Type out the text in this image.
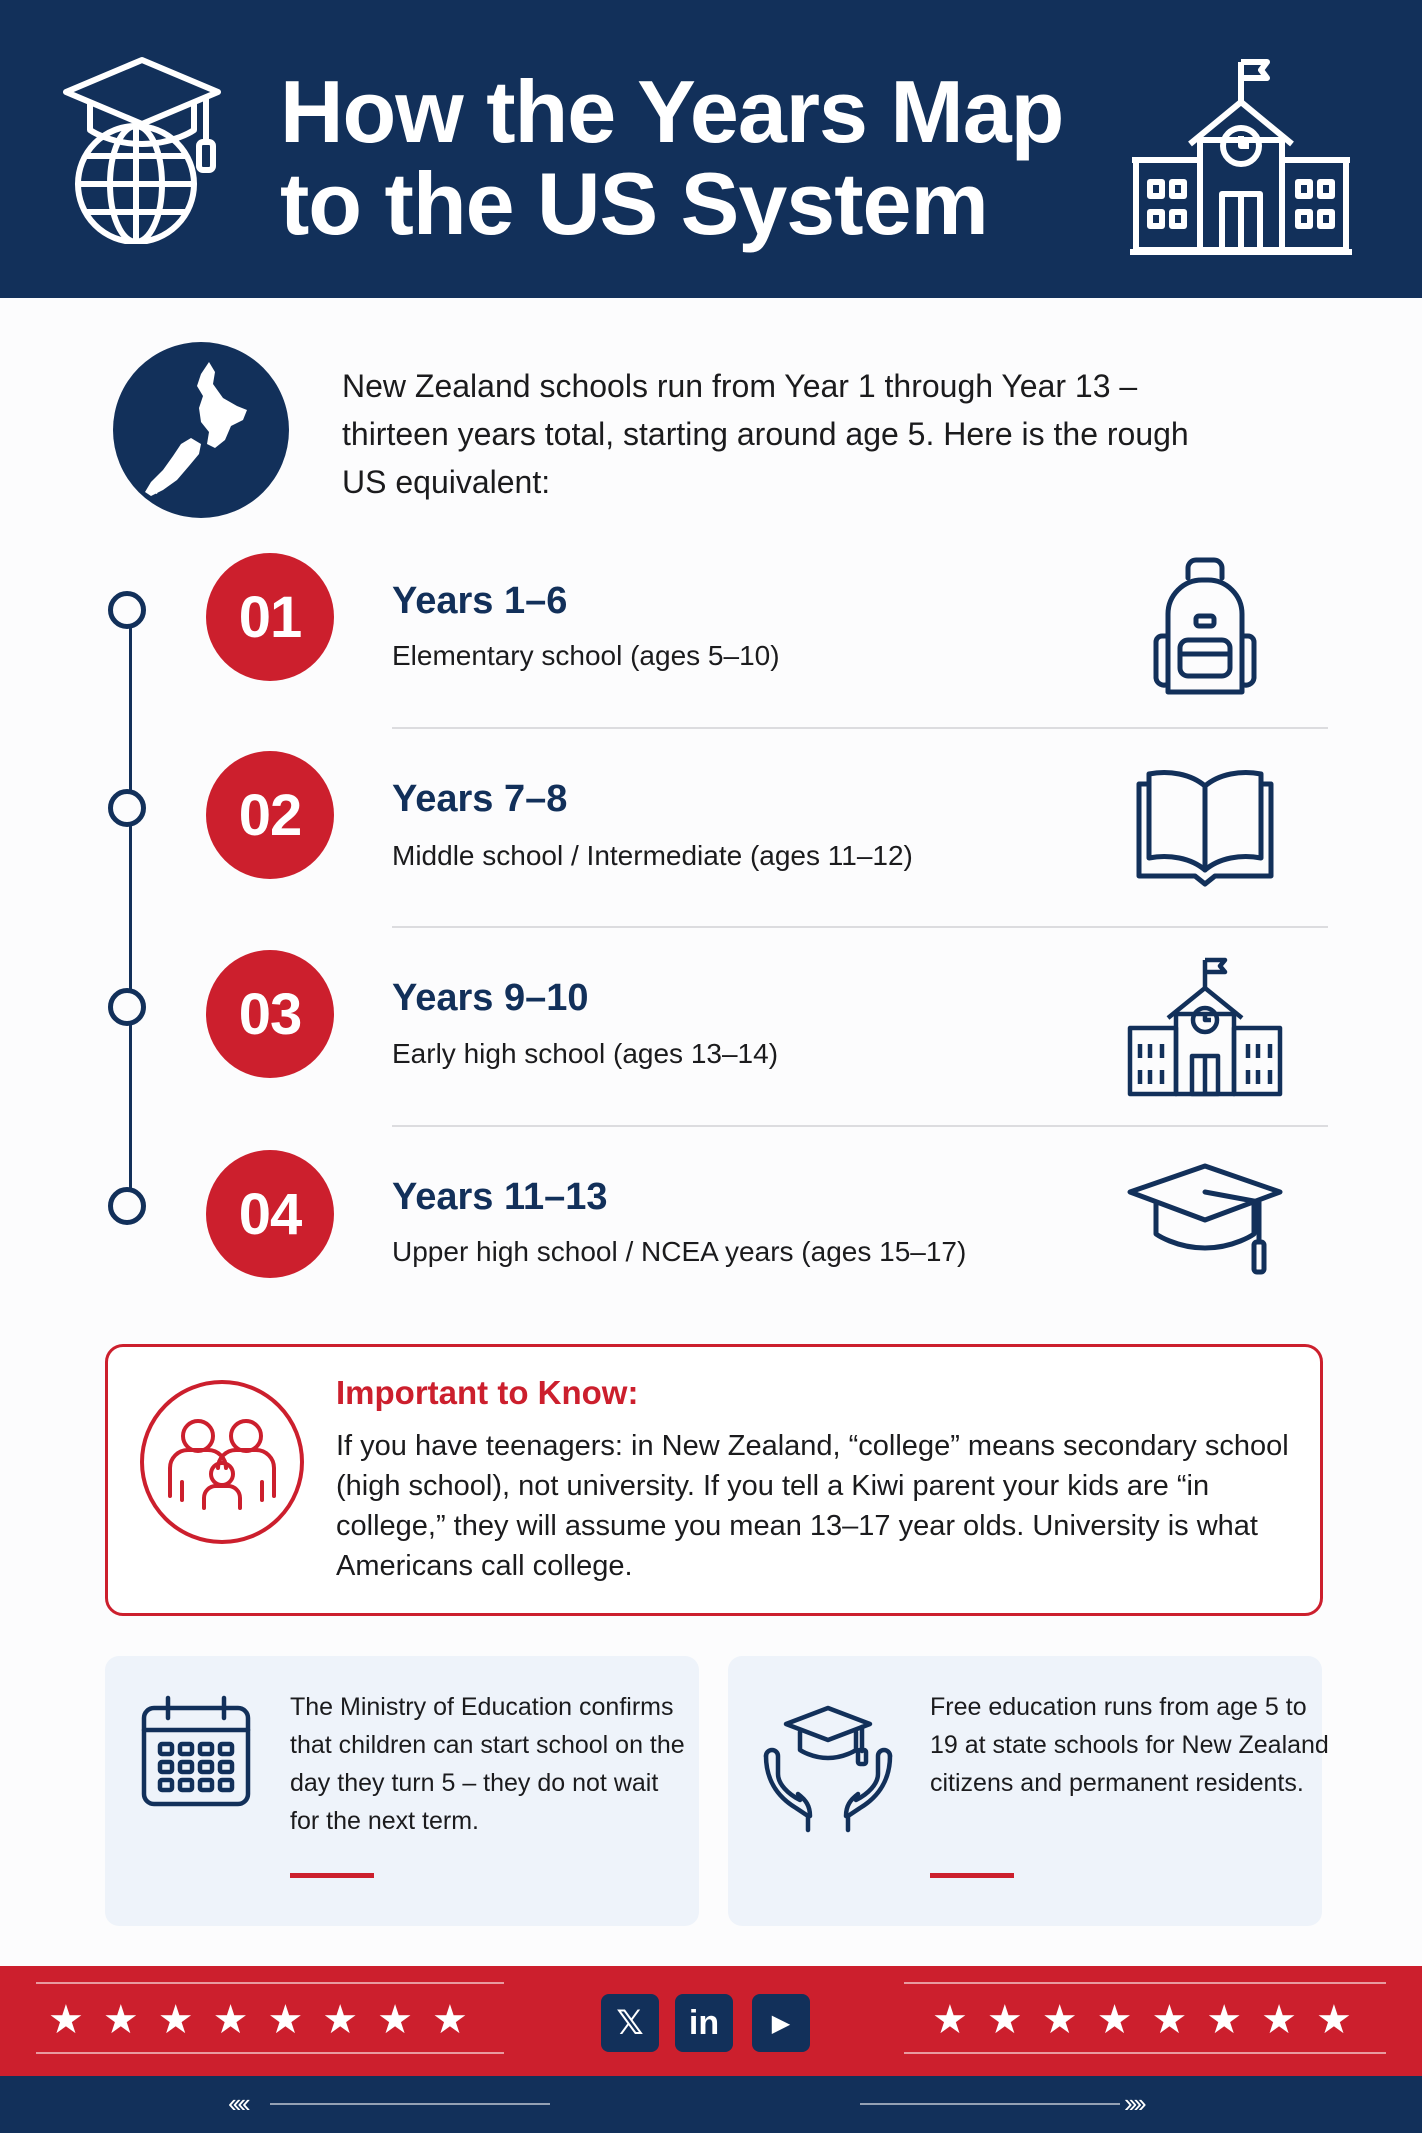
How the Years Map
to the US System
New Zealand schools run from Year 1 through Year 13 – thirteen years total, starting around age 5. Here is the rough US equivalent:
01	Years 1–6
Elementary school (ages 5–10)
02	Years 7–8
Middle school / Intermediate (ages 11–12)
03	Years 9–10
Early high school (ages 13–14)
04	Years 11–13
Upper high school / NCEA years (ages 15–17)
Important to Know:
If you have teenagers: in New Zealand, “college” means secondary school (high school), not university. If you tell a Kiwi parent your kids are “in college,” they will assume you mean 13–17 year olds. University is what Americans call college.
The Ministry of Education confirms that children can start school on the day they turn 5 – they do not wait for the next term.
Free education runs from age 5 to 19 at state schools for New Zealand citizens and permanent residents.
★★★★★★★★	★★★★★★★★
𝕏	in	▶
‹‹‹‹	››››
